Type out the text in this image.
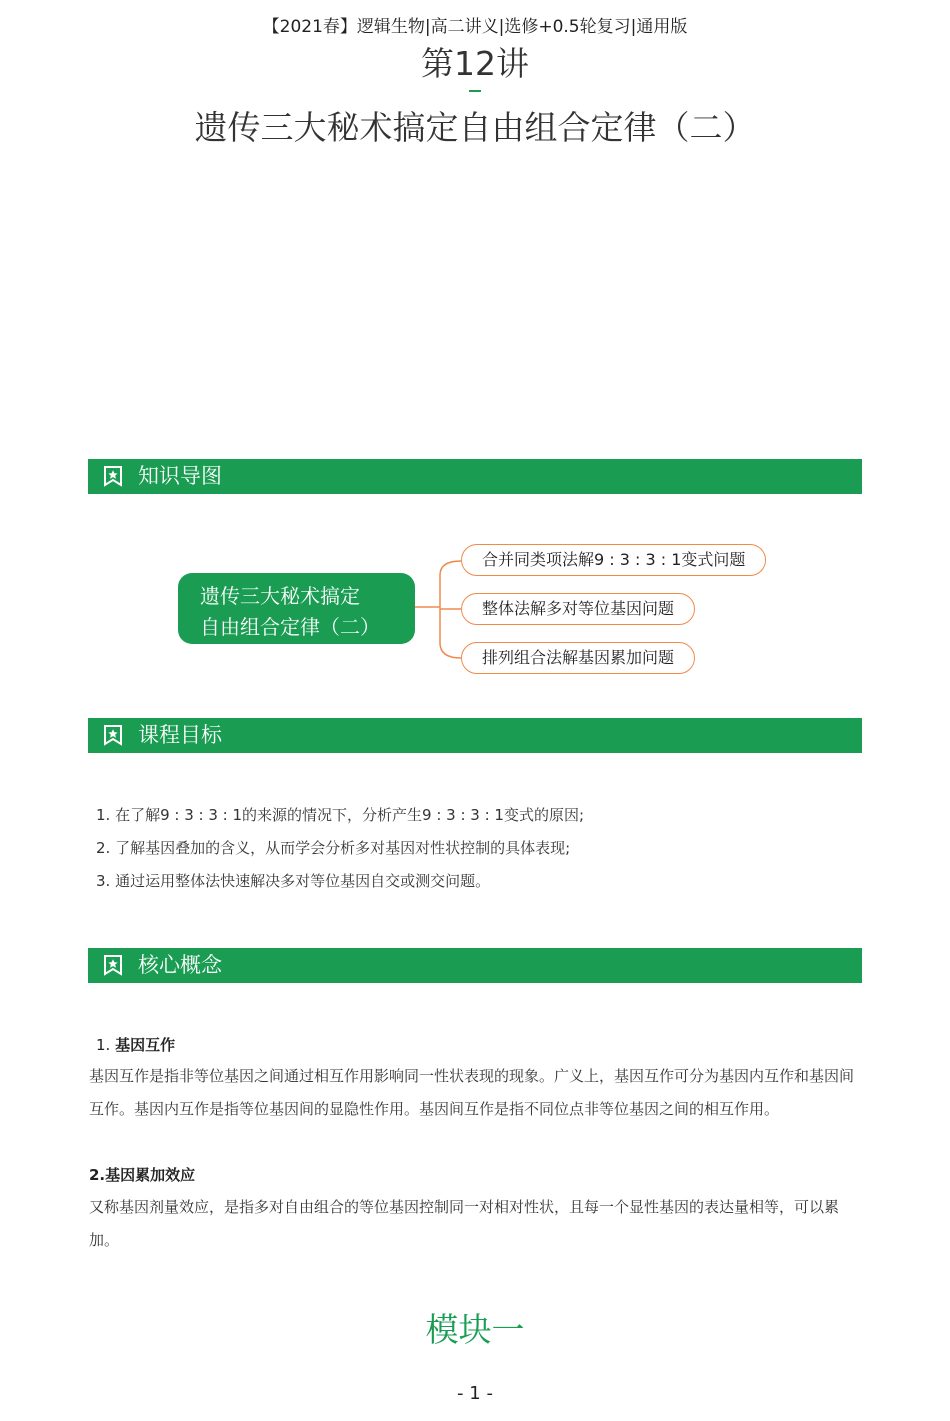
【2021春】逻辑生物|高二讲义|选修+0.5轮复习|通用版
第12讲
遗传三大秘术搞定自由组合定律（二）
知识导图
遗传三大秘术搞定
自由组合定律（二）
合并同类项法解9 : 3 : 3 : 1变式问题
整体法解多对等位基因问题
排列组合法解基因累加问题
课程目标
1. 在了解9 : 3 : 3 : 1的来源的情况下，分析产生9 : 3 : 3 : 1变式的原因;
2. 了解基因叠加的含义，从而学会分析多对基因对性状控制的具体表现;
3. 通过运用整体法快速解决多对等位基因自交或测交问题。
核心概念
1. 基因互作
基因互作是指非等位基因之间通过相互作用影响同一性状表现的现象。广义上，基因互作可分为基因内互作和基因间互作。基因内互作是指等位基因间的显隐性作用。基因间互作是指不同位点非等位基因之间的相互作用。
2.基因累加效应
又称基因剂量效应，是指多对自由组合的等位基因控制同一对相对性状，且每一个显性基因的表达量相等，可以累加。
模块一
- 1 -
